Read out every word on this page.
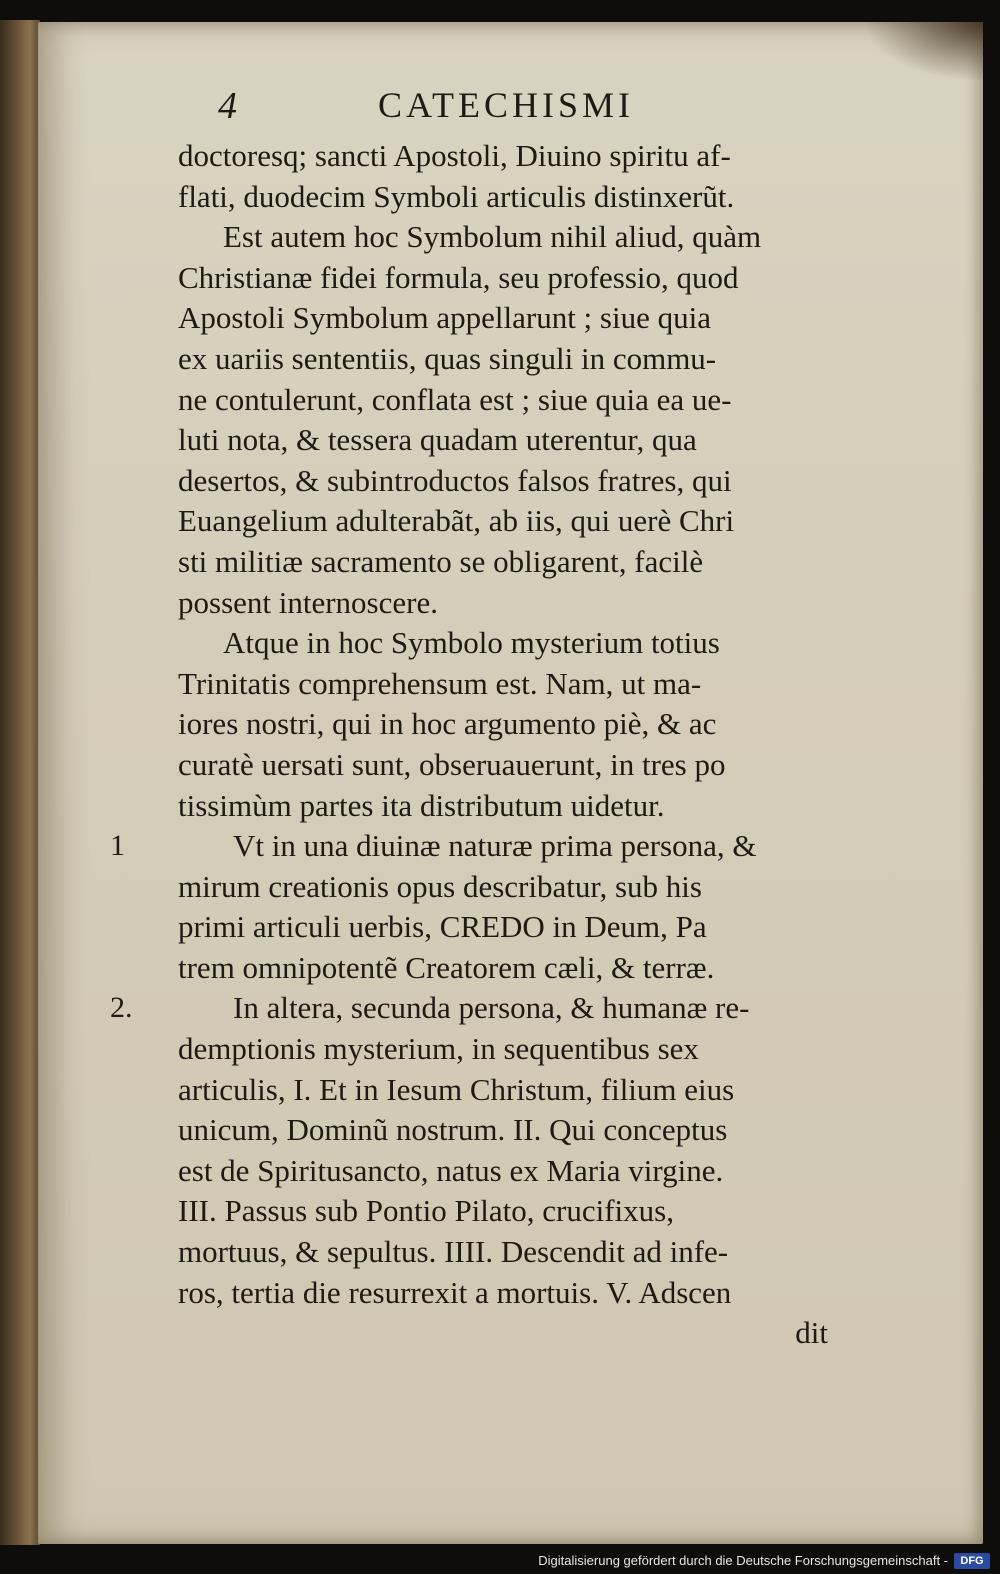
4	CATECHISMI
doctoresq; sancti Apostoli, Diuino spiritu af-
flati, duodecim Symboli articulis distinxerũt.
Est autem hoc Symbolum nihil aliud, quàm
Christianæ fidei formula, seu professio, quod
Apostoli Symbolum appellarunt ; siue quia
ex uariis sententiis, quas singuli in commu-
ne contulerunt, conflata est ; siue quia ea ue-
luti nota, & tessera quadam uterentur, qua
desertos, & subintroductos falsos fratres, qui
Euangelium adulterabãt, ab iis, qui uerè Chri
sti militiæ sacramento se obligarent, facilè
possent internoscere.
Atque in hoc Symbolo mysterium totius
Trinitatis comprehensum est. Nam, ut ma-
iores nostri, qui in hoc argumento piè, & ac
curatè uersati sunt, obseruauerunt, in tres po
tissimùm partes ita distributum uidetur.
1	Vt in una diuinæ naturæ prima persona, &
mirum creationis opus describatur, sub his
primi articuli uerbis, CREDO in Deum, Pa
trem omnipotentẽ Creatorem cæli, & terræ.
2.	In altera, secunda persona, & humanæ re-
demptionis mysterium, in sequentibus sex
articulis, I. Et in Iesum Christum, filium eius
unicum, Dominũ nostrum. II. Qui conceptus
est de Spiritusancto, natus ex Maria virgine.
III. Passus sub Pontio Pilato, crucifixus,
mortuus, & sepultus. IIII. Descendit ad infe-
ros, tertia die resurrexit a mortuis. V. Adscen
dit
Digitalisierung gefördert durch die Deutsche Forschungsgemeinschaft -	DFG
